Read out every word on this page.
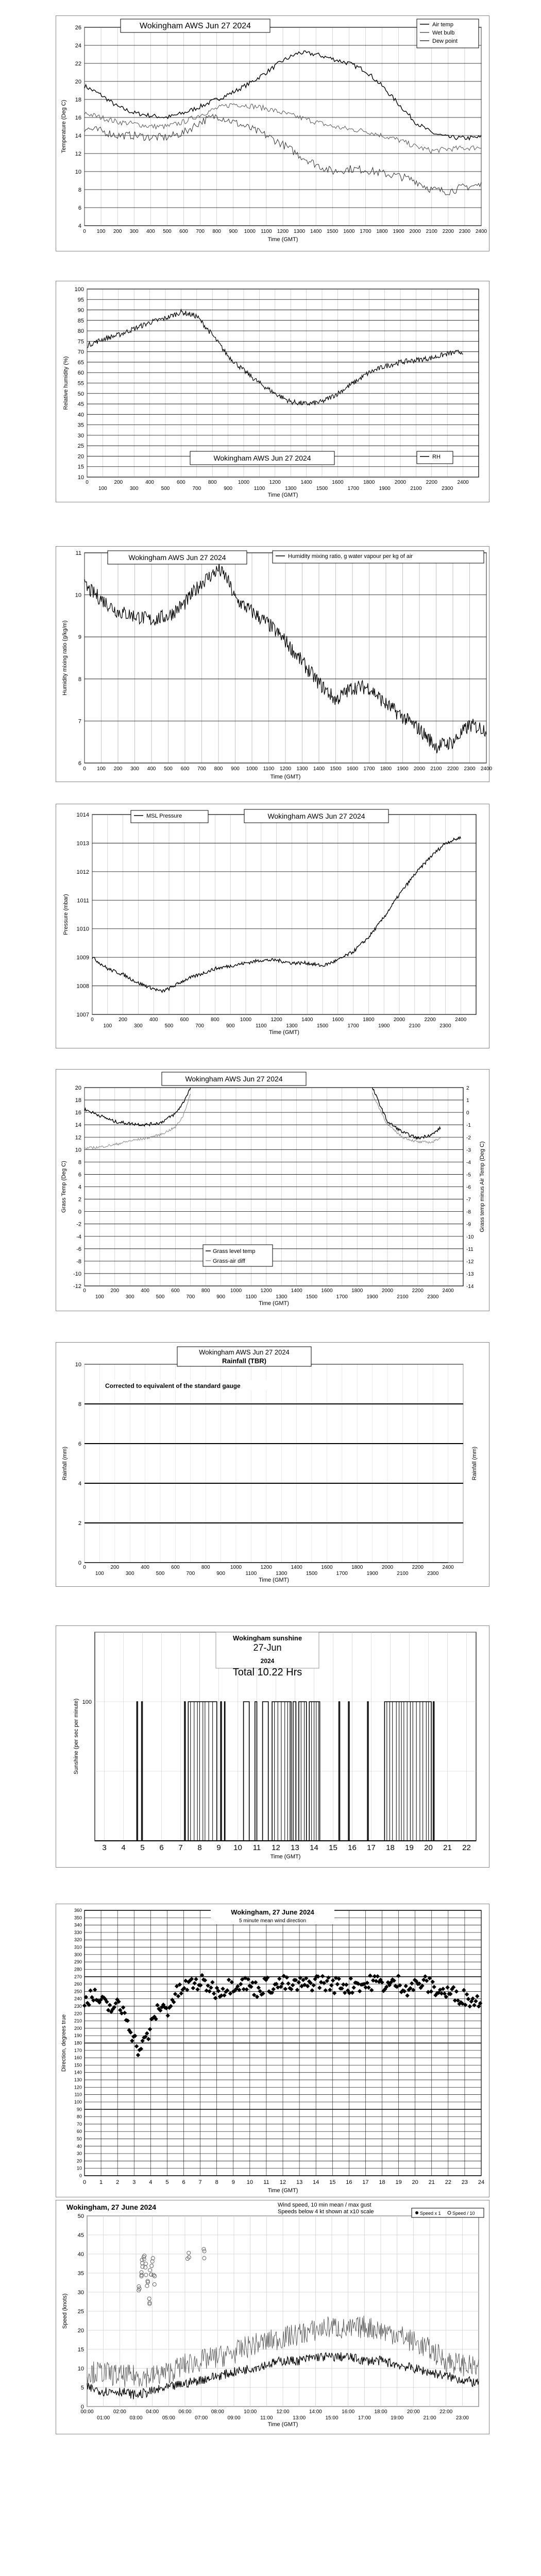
4
6
8
10
12
14
16
18
20
22
24
26
0 100 200 300 400 500 600 700 800 900 1000 1100 1200 1300 1400 1500 1600 1700 1800 1900 2000 2100 2200 2300 2400
Time (GMT)
Temperature (Deg C)
Wokingham AWS Jun 27 2024	Air temp
Wet bulb
Dew point
10
15
20
25
30
35
40
45
50
55
60
65
70
75
80
85
90
95
100
0	200	400	600	800	1000	1200	1400	1600	1800	2000	2200	2400
100	300	500	700	900	1100	1300	1500	1700	1900	2100	2300
Time (GMT)
Relative humidity (%)
Wokingham AWS Jun 27 2024	RH
6
7
8
9
10
11
0 100 200 300 400 500 600 700 800 900 1000 1100 1200 1300 1400 1500 1600 1700 1800 1900 2000 2100 2200 2300 2400
Time (GMT)
Humidity mixing ratio (g/kg/m)
Wokingham AWS Jun 27 2024	Humidity mixing ratio, g water vapour per kg of air
1007
1008
1009
1010
1011
1012
1013
1014
0	200	400	600	800	1000	1200	1400	1600	1800	2000	2200	2400
100	300	500	700	900	1100	1300	1500	1700	1900	2100	2300
Time (GMT)
Pressure (mbar)
MSL Pressure	Wokingham AWS Jun 27 2024
-12
-10
-8
-6
-4
-2
0
2
4
6
8
10
12
14
16
18
20
-14
-13
-12
-11
-10
-9
-8
-7
-6
-5
-4
-3
-2
-1
0
1
2
0	200	400	600	800	1000	1200	1400	1600	1800	2000	2200	2400
100	300	500	700	900	1100	1300	1500	1700	1900	2100	2300
Time (GMT)
Grass Temp (Deg C)	Grass temp minus Air Temp (Deg C)
Wokingham AWS Jun 27 2024
Grass level temp
Grass-air diff
0
2
4
6
8
10
0	200	400	600	800	1000	1200	1400	1600	1800	2000	2200	2400
100	300	500	700	900	1100	1300	1500	1700	1900	2100	2300
Time (GMT)
Rainfall (mm)	Rainfall (mm)
Wokingham AWS Jun 27 2024
Rainfall (TBR)
Corrected to equivalent of the standard gauge
100
3 4 5 6 7 8 9 10 11 12 13 14 15 16 17 18 19 20 21 22
Time (GMT)
Sunshine (per sec per minute)
Wokingham sunshine
27-Jun
2024
Total 10.22 Hrs
0
10
20
30
40
50
60
70
80
90
100
110
120
130
140
150
160
170
180
190
200
210
220
230
240
250
260
270
280
290
300
310
320
330
340
350
360
0 1 2 3 4 5 6 7 8 9 10 11 12 13 14 15 16 17 18 19 20 21 22 23 24
Time (GMT)
Direction, degrees true
Wokingham, 27 June 2024
5 minute mean wind direction
0
5
10
15
20
25
30
35
40
45
50
00:00	02:00	04:00	06:00	08:00	10:00	12:00	14:00	16:00	18:00	20:00	22:00
01:00	03:00	05:00	07:00	09:00	11:00	13:00	15:00	17:00	19:00	21:00	23:00
Time (GMT)
Speed (knots)
Wokingham, 27 June 2024	Wind speed, 10 min mean / max gust
Speeds below 4 kt shown at x10 scale	Speed x 1 Speed / 10
